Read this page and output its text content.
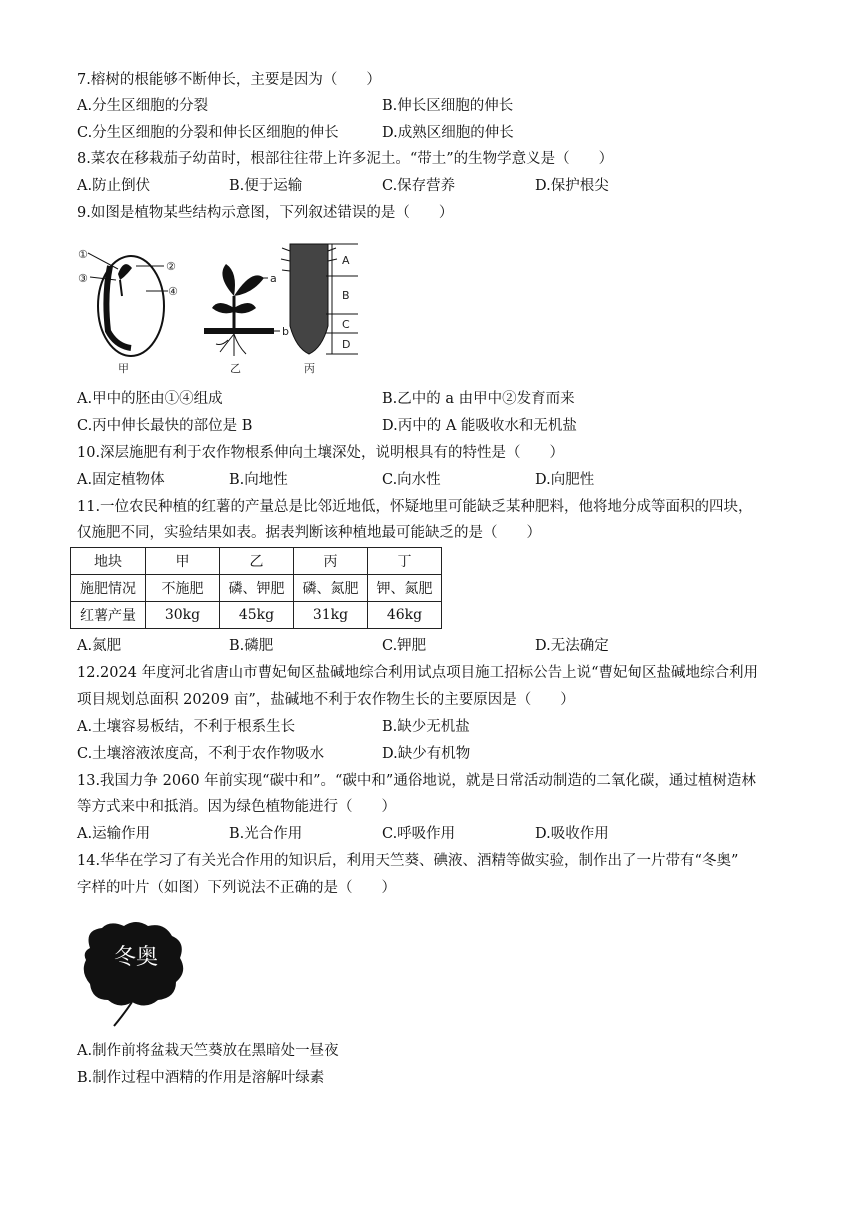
7.榕树的根能够不断伸长，主要是因为（　　）
A.分生区细胞的分裂	B.伸长区细胞的伸长
C.分生区细胞的分裂和伸长区细胞的伸长	D.成熟区细胞的伸长
8.菜农在移栽茄子幼苗时，根部往往带上许多泥土。“带土”的生物学意义是（　　）
A.防止倒伏	B.便于运输	C.保存营养	D.保护根尖
9.如图是植物某些结构示意图，下列叙述错误的是（　　）
①
②
③
④
甲
a
b
乙
A
B
C
D
丙
A.甲中的胚由①④组成	B.乙中的 a 由甲中②发育而来
C.丙中伸长最快的部位是 B	D.丙中的 A 能吸收水和无机盐
10.深层施肥有利于农作物根系伸向土壤深处，说明根具有的特性是（　　）
A.固定植物体	B.向地性	C.向水性	D.向肥性
11.一位农民种植的红薯的产量总是比邻近地低，怀疑地里可能缺乏某种肥料，他将地分成等面积的四块，
仅施肥不同，实验结果如表。据表判断该种植地最可能缺乏的是（　　）
地块	甲	乙	丙	丁
施肥情况	不施肥	磷、钾肥	磷、氮肥	钾、氮肥
红薯产量	30kg	45kg	31kg	46kg
A.氮肥	B.磷肥	C.钾肥	D.无法确定
12.2024 年度河北省唐山市曹妃甸区盐碱地综合利用试点项目施工招标公告上说“曹妃甸区盐碱地综合利用
项目规划总面积 20209 亩”，盐碱地不利于农作物生长的主要原因是（　　）
A.土壤容易板结，不利于根系生长	B.缺少无机盐
C.土壤溶液浓度高，不利于农作物吸水	D.缺少有机物
13.我国力争 2060 年前实现“碳中和”。“碳中和”通俗地说，就是日常活动制造的二氧化碳，通过植树造林
等方式来中和抵消。因为绿色植物能进行（　　）
A.运输作用	B.光合作用	C.呼吸作用	D.吸收作用
14.华华在学习了有关光合作用的知识后，利用天竺葵、碘液、酒精等做实验，制作出了一片带有“冬奥”
字样的叶片（如图）下列说法不正确的是（　　）
冬奥
A.制作前将盆栽天竺葵放在黑暗处一昼夜
B.制作过程中酒精的作用是溶解叶绿素
